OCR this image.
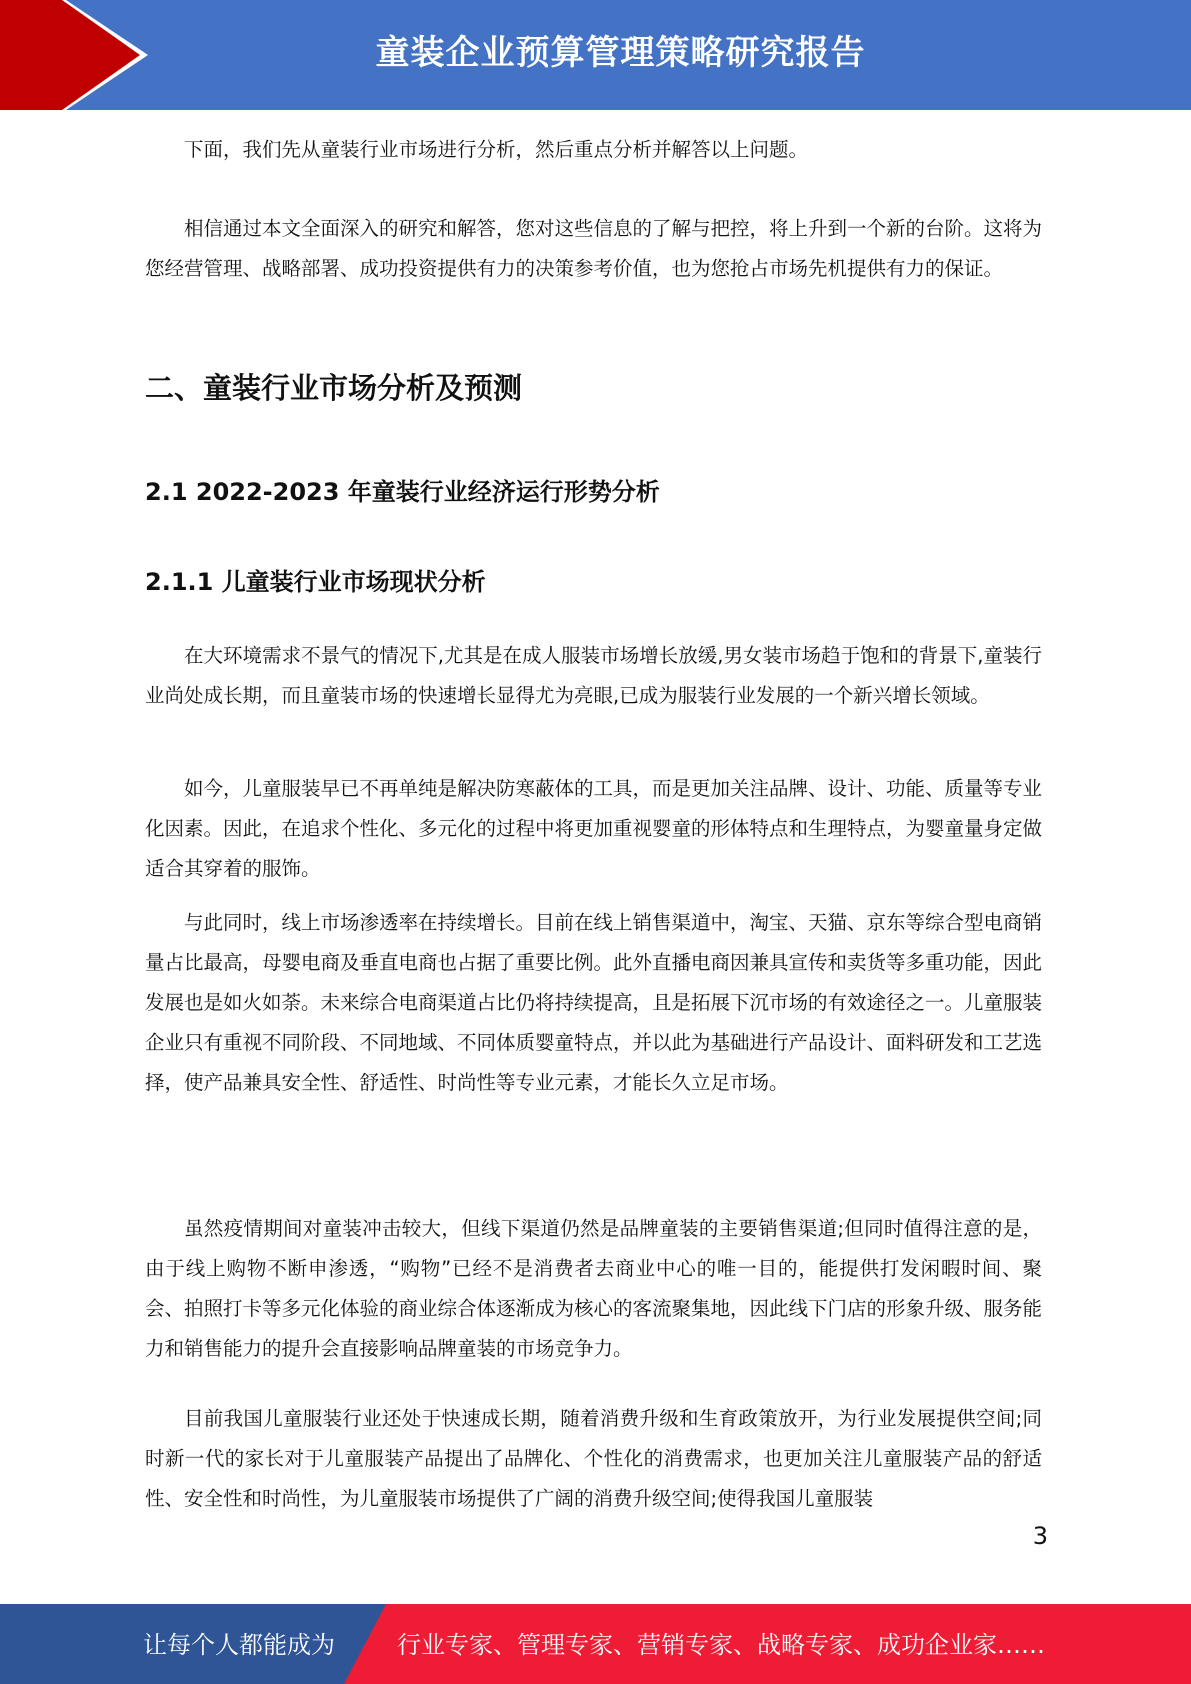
童装企业预算管理策略研究报告
下面，我们先从童装行业市场进行分析，然后重点分析并解答以上问题。
相信通过本文全面深入的研究和解答，您对这些信息的了解与把控，将上升到一个新的台阶。这将为您经营管理、战略部署、成功投资提供有力的决策参考价值，也为您抢占市场先机提供有力的保证。
二、童装行业市场分析及预测
2.1 2022-2023 年童装行业经济运行形势分析
2.1.1 儿童装行业市场现状分析
在大环境需求不景气的情况下,尤其是在成人服装市场增长放缓,男女装市场趋于饱和的背景下,童装行业尚处成长期，而且童装市场的快速增长显得尤为亮眼,已成为服装行业发展的一个新兴增长领域。
如今，儿童服装早已不再单纯是解决防寒蔽体的工具，而是更加关注品牌、设计、功能、质量等专业化因素。因此，在追求个性化、多元化的过程中将更加重视婴童的形体特点和生理特点，为婴童量身定做适合其穿着的服饰。
与此同时，线上市场渗透率在持续增长。目前在线上销售渠道中，淘宝、天猫、京东等综合型电商销量占比最高，母婴电商及垂直电商也占据了重要比例。此外直播电商因兼具宣传和卖货等多重功能，因此发展也是如火如荼。未来综合电商渠道占比仍将持续提高，且是拓展下沉市场的有效途径之一。儿童服装企业只有重视不同阶段、不同地域、不同体质婴童特点，并以此为基础进行产品设计、面料研发和工艺选择，使产品兼具安全性、舒适性、时尚性等专业元素，才能长久立足市场。
虽然疫情期间对童装冲击较大，但线下渠道仍然是品牌童装的主要销售渠道;但同时值得注意的是，由于线上购物不断申渗透，“购物”已经不是消费者去商业中心的唯一目的，能提供打发闲暇时间、聚会、拍照打卡等多元化体验的商业综合体逐渐成为核心的客流聚集地，因此线下门店的形象升级、服务能力和销售能力的提升会直接影响品牌童装的市场竞争力。
目前我国儿童服装行业还处于快速成长期，随着消费升级和生育政策放开，为行业发展提供空间;同时新一代的家长对于儿童服装产品提出了品牌化、个性化的消费需求，也更加关注儿童服装产品的舒适性、安全性和时尚性，为儿童服装市场提供了广阔的消费升级空间;使得我国儿童服装
3
让每个人都能成为	行业专家、管理专家、营销专家、战略专家、成功企业家……
